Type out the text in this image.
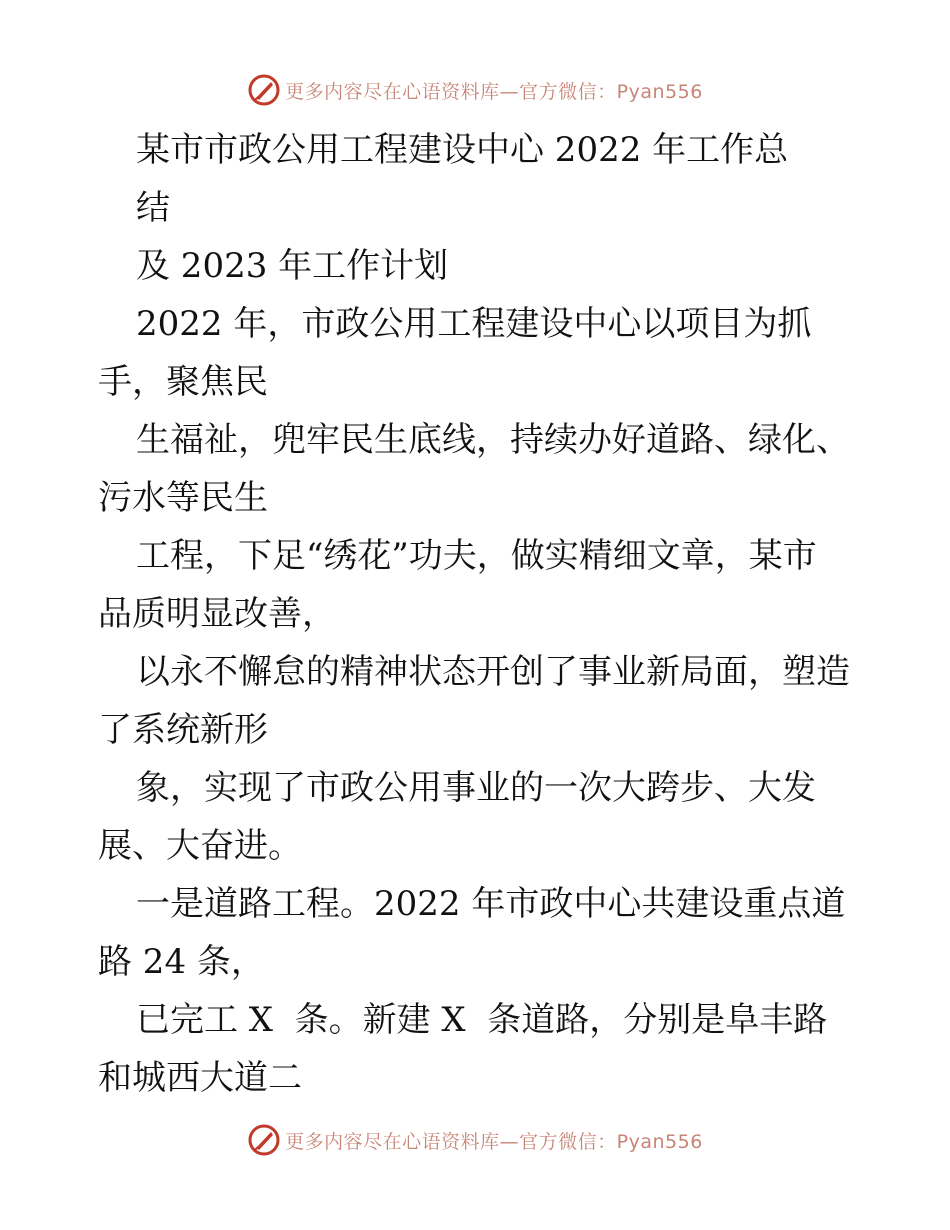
更多内容尽在心语资料库—官方微信：Pyan556
某市市政公用工程建设中心 2022 年工作总
结
及 2023 年工作计划
2022 年，市政公用工程建设中心以项目为抓
手，聚焦民
生福祉，兜牢民生底线，持续办好道路、绿化、
污水等民生
工程，下足“绣花”功夫，做实精细文章，某市
品质明显改善，
以永不懈怠的精神状态开创了事业新局面，塑造
了系统新形
象，实现了市政公用事业的一次大跨步、大发
展、大奋进。
一是道路工程。2022 年市政中心共建设重点道
路 24 条，
已完工 X  条。新建 X  条道路，分别是阜丰路
和城西大道二
更多内容尽在心语资料库—官方微信：Pyan556
